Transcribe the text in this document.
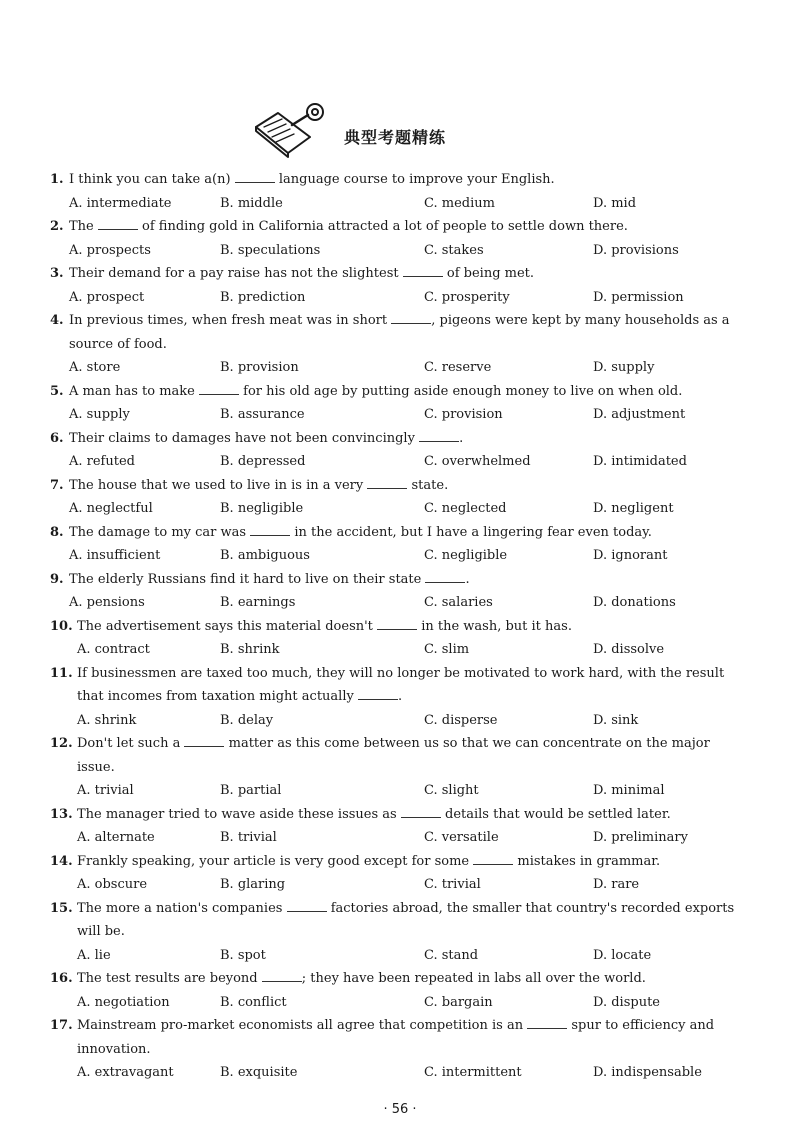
典型考题精练
1. I think you can take a(n)	language course to improve your English.
A. intermediate	B. middle	C. medium	D. mid
2. The	of finding gold in California attracted a lot of people to settle down there.
A. prospects	B. speculations	C. stakes	D. provisions
3. Their demand for a pay raise has not the slightest	of being met.
A. prospect	B. prediction	C. prosperity	D. permission
4. In previous times, when fresh meat was in short	, pigeons were kept by many households as a source of food.
A. store	B. provision	C. reserve	D. supply
5. A man has to make	for his old age by putting aside enough money to live on when old.
A. supply	B. assurance	C. provision	D. adjustment
6. Their claims to damages have not been convincingly	.
A. refuted	B. depressed	C. overwhelmed	D. intimidated
7. The house that we used to live in is in a very	state.
A. neglectful	B. negligible	C. neglected	D. negligent
8. The damage to my car was	in the accident, but I have a lingering fear even today.
A. insufficient	B. ambiguous	C. negligible	D. ignorant
9. The elderly Russians find it hard to live on their state	.
A. pensions	B. earnings	C. salaries	D. donations
10. The advertisement says this material doesn't	in the wash, but it has.
A. contract	B. shrink	C. slim	D. dissolve
11. If businessmen are taxed too much, they will no longer be motivated to work hard, with the result that incomes from taxation might actually	.
A. shrink	B. delay	C. disperse	D. sink
12. Don't let such a	matter as this come between us so that we can concentrate on the major issue.
A. trivial	B. partial	C. slight	D. minimal
13. The manager tried to wave aside these issues as	details that would be settled later.
A. alternate	B. trivial	C. versatile	D. preliminary
14. Frankly speaking, your article is very good except for some	mistakes in grammar.
A. obscure	B. glaring	C. trivial	D. rare
15. The more a nation's companies	factories abroad, the smaller that country's recorded exports will be.
A. lie	B. spot	C. stand	D. locate
16. The test results are beyond	; they have been repeated in labs all over the world.
A. negotiation	B. conflict	C. bargain	D. dispute
17. Mainstream pro-market economists all agree that competition is an	spur to efficiency and innovation.
A. extravagant	B. exquisite	C. intermittent	D. indispensable
· 56 ·
